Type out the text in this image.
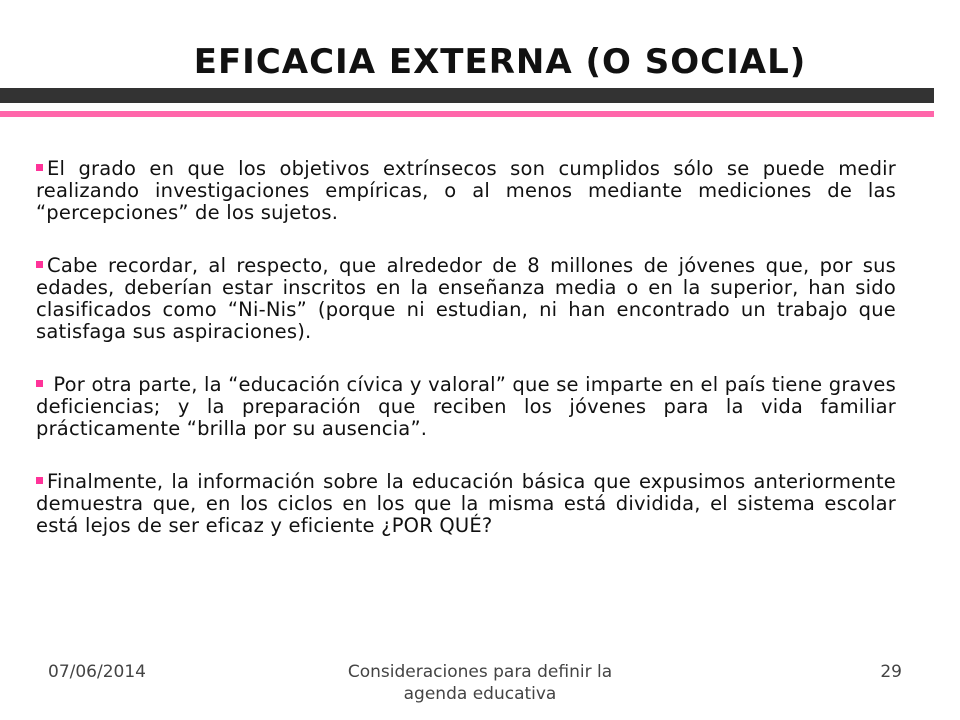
EFICACIA EXTERNA (O SOCIAL)

El grado en que los objetivos extrínsecos son cumplidos sólo se puede medir realizando investigaciones empíricas, o al menos mediante mediciones de las “percepciones” de los sujetos.

Cabe recordar, al respecto, que alrededor de 8 millones de jóvenes que, por sus edades, deberían estar inscritos en la enseñanza media o en la superior, han sido clasificados como “Ni-Nis” (porque ni estudian, ni han encontrado un trabajo que satisfaga sus aspiraciones).

Por otra parte, la “educación cívica y valoral” que se imparte en el país tiene graves deficiencias; y la preparación que reciben los jóvenes para la vida familiar prácticamente “brilla por su ausencia”.

Finalmente, la información sobre la educación básica que expusimos anteriormente demuestra que, en los ciclos en los que la misma está dividida, el sistema escolar está lejos de ser eficaz y eficiente ¿POR QUÉ?

07/06/2014	Consideraciones para definir la
agenda educativa
29
